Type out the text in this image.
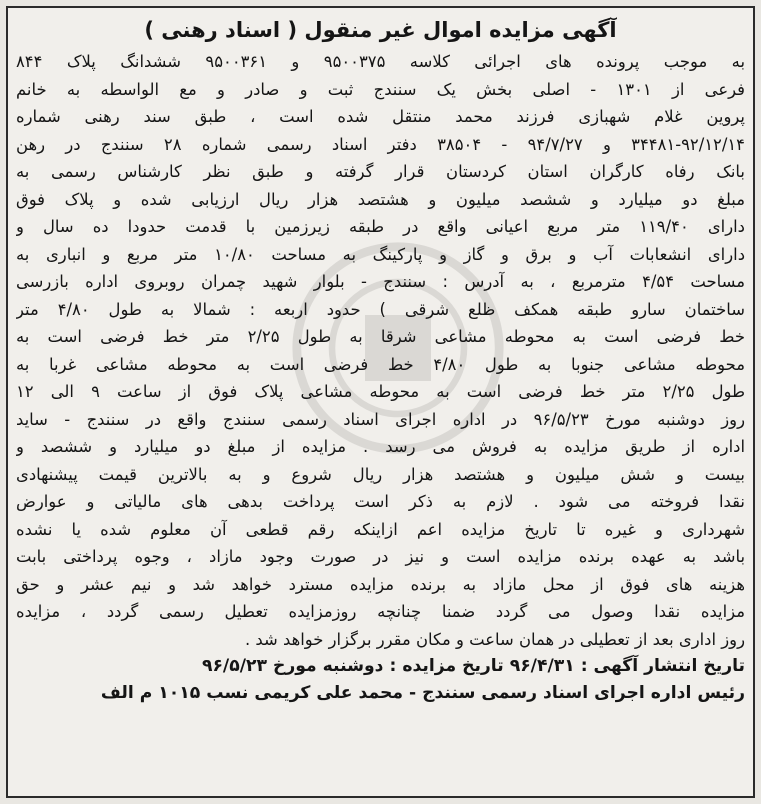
آگهی مزایده اموال غیر منقول ( اسناد رهنی )
به موجب پرونده های اجرائی کلاسه ۹۵۰۰۳۷۵ و ۹۵۰۰۳۶۱ ششدانگ پلاک ۸۴۴
فرعی از ۱۳۰۱ - اصلی بخش یک سنندج ثبت و صادر و مع الواسطه به خانم
پروین غلام شهبازی فرزند محمد منتقل شده است ، طبق سند رهنی شماره
۳۴۴۸۱-۹۲/۱۲/۱۴ و ۹۴/۷/۲۷ - ۳۸۵۰۴ دفتر اسناد رسمی شماره ۲۸ سنندج در رهن
بانک رفاه کارگران استان کردستان قرار گرفته و طبق نظر کارشناس رسمی به
مبلغ دو میلیارد و ششصد میلیون و هشتصد هزار ریال ارزیابی شده و پلاک فوق
دارای ۱۱۹/۴۰ متر مربع اعیانی واقع در طبقه زیرزمین با قدمت حدودا ده سال و
دارای انشعابات آب و برق و گاز و پارکینگ به مساحت ۱۰/۸۰ متر مربع و انباری به
مساحت ۴/۵۴ مترمربع ، به آدرس : سنندج - بلوار شهید چمران روبروی اداره بازرسی
ساختمان سارو طبقه همکف ظلع شرقی ) حدود اربعه : شمالا به طول ۴/۸۰ متر
خط فرضی است به محوطه مشاعی شرقا به طول ۲/۲۵ متر خط فرضی است به
محوطه مشاعی جنوبا به طول ۴/۸۰ خط فرضی است به محوطه مشاعی غربا به
طول ۲/۲۵ متر خط فرضی است به محوطه مشاعی پلاک فوق از ساعت ۹ الی ۱۲
روز دوشنبه مورخ ۹۶/۵/۲۳ در اداره اجرای اسناد رسمی سنندج واقع در سنندج - ساید
اداره از طریق مزایده به فروش می رسد . مزایده از مبلغ دو میلیارد و ششصد و
بیست و شش میلیون و هشتصد هزار ریال شروع و به بالاترین قیمت پیشنهادی
نقدا فروخته می شود . لازم به ذکر است پرداخت بدهی های مالیاتی و عوارض
شهرداری و غیره تا تاریخ مزایده اعم ازاینکه رقم قطعی آن معلوم شده یا نشده
باشد به عهده برنده مزایده است و نیز در صورت وجود مازاد ، وجوه پرداختی بابت
هزینه های فوق از محل مازاد به برنده مزایده مسترد خواهد شد و نیم عشر و حق
مزایده نقدا وصول می گردد ضمنا چنانچه روزمزایده تعطیل رسمی گردد ، مزایده
روز اداری بعد از تعطیلی در همان ساعت و مکان مقرر برگزار خواهد شد .
تاریخ انتشار آگهی : ۹۶/۴/۳۱ تاریخ مزایده : دوشنبه مورخ ۹۶/۵/۲۳
رئیس اداره اجرای اسناد رسمی سنندج - محمد علی کریمی نسب ۱۰۱۵ م الف
